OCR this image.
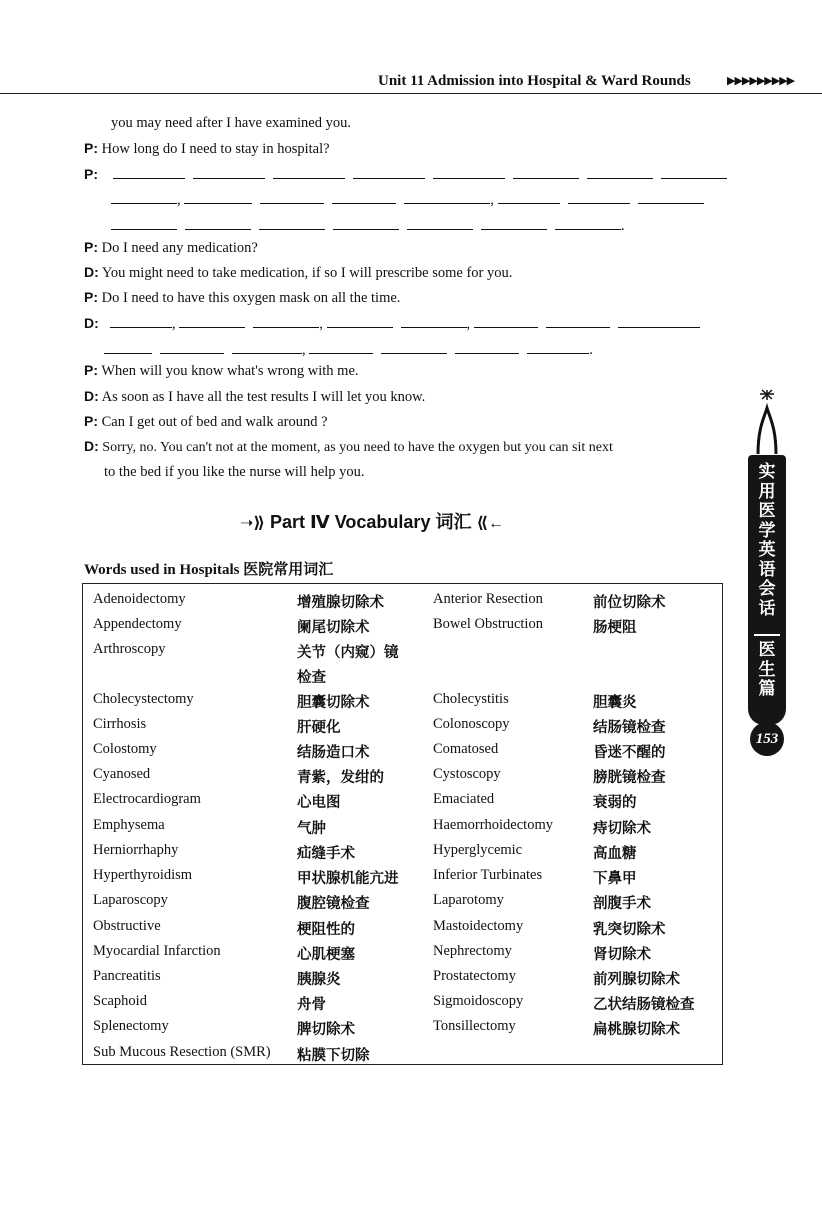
Unit 11 Admission into Hospital & Ward Rounds	▶▶▶▶▶▶▶▶▶
you may need after I have examined you.
P: How long do I need to stay in hospital?
P:
,	,
.
P: Do I need any medication?
D: You might need to take medication, if so I will prescribe some for you.
P: Do I need to have this oxygen mask on all the time.
D:	,	,	,
,	.
P: When will you know what's wrong with me.
D: As soon as I have all the test results I will let you know.
P: Can I get out of bed and walk around ?
D: Sorry, no. You can't not at the moment, as you need to have the oxygen but you can sit next
to the bed if you like the nurse will help you.
➝⟫ Part Ⅳ Vocabulary 词汇 ⟪←
Words used in Hospitals 医院常用词汇
Adenoidectomy	增殖腺切除术	Anterior Resection	前位切除术
Appendectomy	阑尾切除术	Bowel Obstruction	肠梗阻
Arthroscopy	关节（内窥）镜
检查
Cholecystectomy	胆囊切除术	Cholecystitis	胆囊炎
Cirrhosis	肝硬化	Colonoscopy	结肠镜检查
Colostomy	结肠造口术	Comatosed	昏迷不醒的
Cyanosed	青紫，发绀的	Cystoscopy	膀胱镜检查
Electrocardiogram	心电图	Emaciated	衰弱的
Emphysema	气肿	Haemorrhoidectomy	痔切除术
Herniorrhaphy	疝缝手术	Hyperglycemic	高血糖
Hyperthyroidism	甲状腺机能亢进 Inferior Turbinates	下鼻甲
Laparoscopy	腹腔镜检查	Laparotomy	剖腹手术
Obstructive	梗阻性的	Mastoidectomy	乳突切除术
Myocardial Infarction	心肌梗塞	Nephrectomy	肾切除术
Pancreatitis	胰腺炎	Prostatectomy	前列腺切除术
Scaphoid	舟骨	Sigmoidoscopy	乙状结肠镜检查
Splenectomy	脾切除术	Tonsillectomy	扁桃腺切除术
Sub Mucous Resection (SMR) 粘膜下切除
实
用
医
学
英
语
会
话
医
生
篇
153
